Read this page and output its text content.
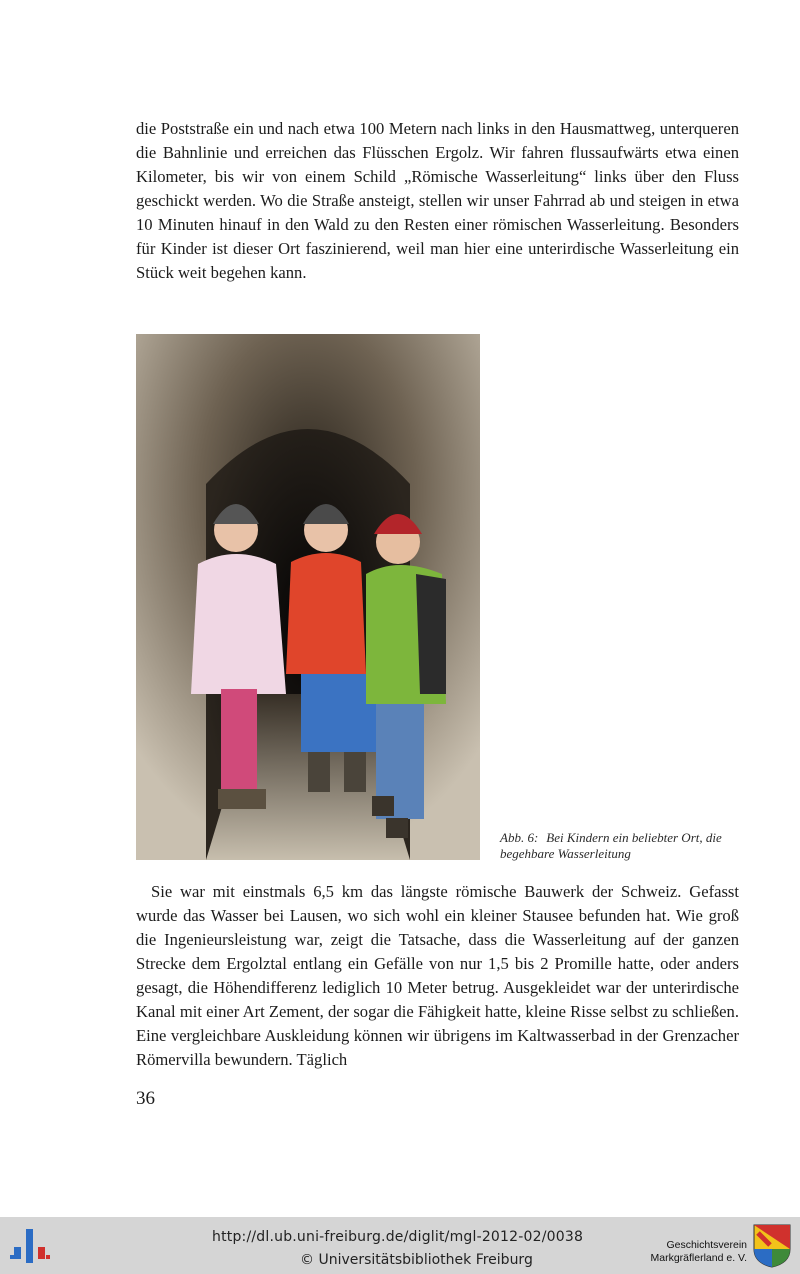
die Poststraße ein und nach etwa 100 Metern nach links in den Hausmattweg, unterqueren die Bahnlinie und erreichen das Flüsschen Ergolz. Wir fahren flussaufwärts etwa einen Kilometer, bis wir von einem Schild „Römische Wasserleitung“ links über den Fluss geschickt werden. Wo die Straße ansteigt, stellen wir unser Fahrrad ab und steigen in etwa 10 Minuten hinauf in den Wald zu den Resten einer römischen Wasserleitung. Besonders für Kinder ist dieser Ort faszinierend, weil man hier eine unterirdische Wasserleitung ein Stück weit begehen kann.

Abb. 6: Bei Kindern ein beliebter Ort, die begehbare Wasserleitung

Sie war mit einstmals 6,5 km das längste römische Bauwerk der Schweiz. Gefasst wurde das Wasser bei Lausen, wo sich wohl ein kleiner Stausee befunden hat. Wie groß die Ingenieursleistung war, zeigt die Tatsache, dass die Wasserleitung auf der ganzen Strecke dem Ergolztal entlang ein Gefälle von nur 1,5 bis 2 Promille hatte, oder anders gesagt, die Höhendifferenz lediglich 10 Meter betrug. Ausgekleidet war der unterirdische Kanal mit einer Art Zement, der sogar die Fähigkeit hatte, kleine Risse selbst zu schließen. Eine vergleichbare Auskleidung können wir übrigens im Kaltwasserbad in der Grenzacher Römervilla bewundern. Täglich

36
http://dl.ub.uni-freiburg.de/diglit/mgl-2012-02/0038
© Universitätsbibliothek Freiburg
Geschichtsverein
Markgräflerland e. V.
